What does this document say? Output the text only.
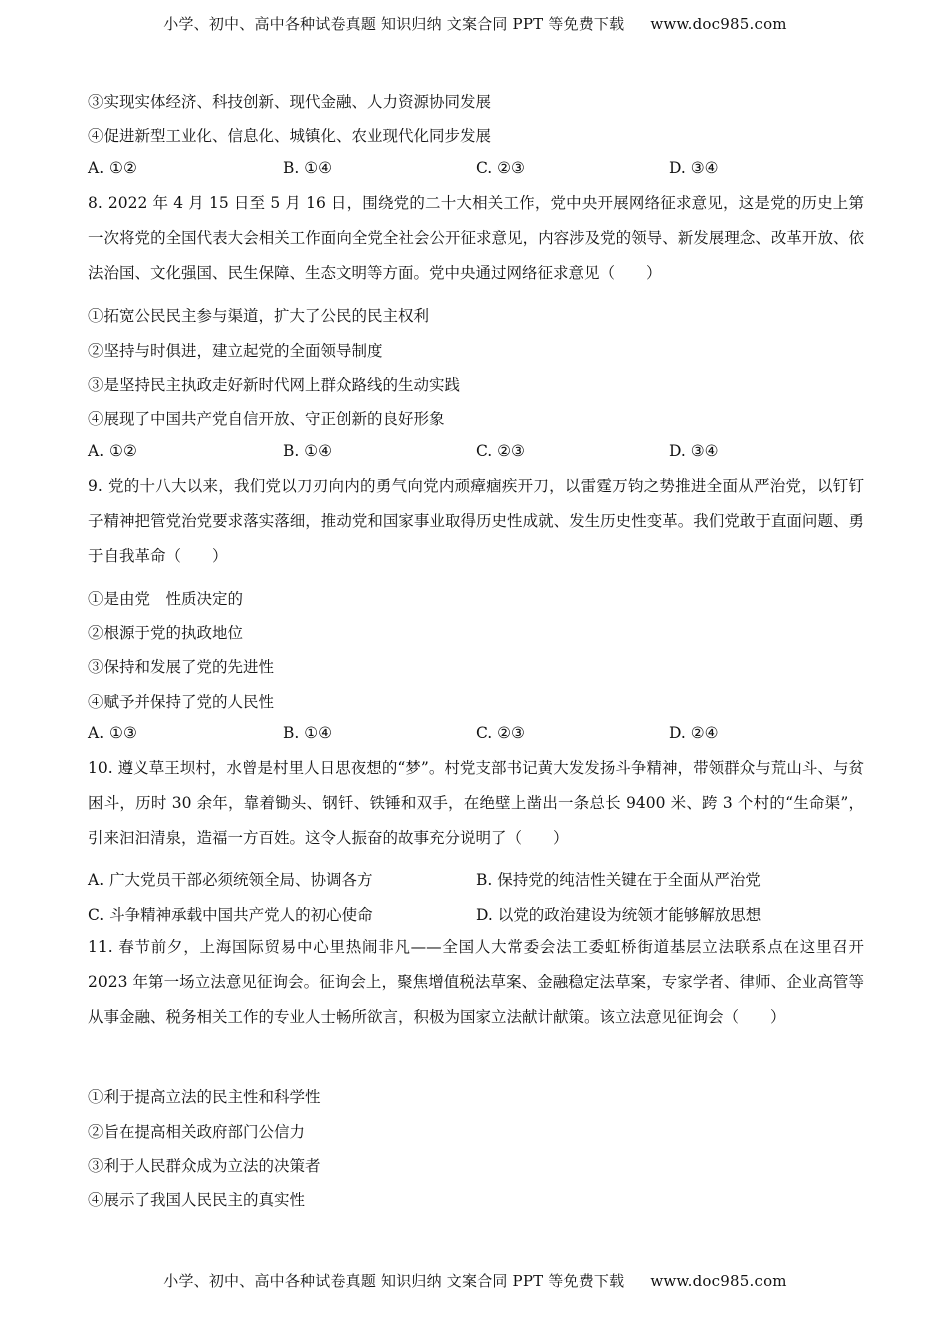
小学、初中、高中各种试卷真题 知识归纳 文案合同 PPT 等免费下载 www.doc985.com
③实现实体经济、科技创新、现代金融、人力资源协同发展
④促进新型工业化、信息化、城镇化、农业现代化同步发展
A. ①②	B. ①④	C. ②③	D. ③④
8. 2022 年 4 月 15 日至 5 月 16 日，围绕党的二十大相关工作，党中央开展网络征求意见，这是党的历史上第一次将党的全国代表大会相关工作面向全党全社会公开征求意见，内容涉及党的领导、新发展理念、改革开放、依法治国、文化强国、民生保障、生态文明等方面。党中央通过网络征求意见（　　）
①拓宽公民民主参与渠道，扩大了公民的民主权利
②坚持与时俱进，建立起党的全面领导制度
③是坚持民主执政走好新时代网上群众路线的生动实践
④展现了中国共产党自信开放、守正创新的良好形象
A. ①②	B. ①④	C. ②③	D. ③④
9. 党的十八大以来，我们党以刀刃向内的勇气向党内顽瘴痼疾开刀，以雷霆万钧之势推进全面从严治党，以钉钉子精神把管党治党要求落实落细，推动党和国家事业取得历史性成就、发生历史性变革。我们党敢于直面问题、勇于自我革命（　　）
①是由党　性质决定的
②根源于党的执政地位
③保持和发展了党的先进性
④赋予并保持了党的人民性
A. ①③	B. ①④	C. ②③	D. ②④
10. 遵义草王坝村，水曾是村里人日思夜想的“梦”。村党支部书记黄大发发扬斗争精神，带领群众与荒山斗、与贫困斗，历时 30 余年，靠着锄头、钢钎、铁锤和双手，在绝壁上凿出一条总长 9400 米、跨 3 个村的“生命渠”，引来汩汩清泉，造福一方百姓。这令人振奋的故事充分说明了（　　）
A. 广大党员干部必须统领全局、协调各方	B. 保持党的纯洁性关键在于全面从严治党
C. 斗争精神承载中国共产党人的初心使命	D. 以党的政治建设为统领才能够解放思想
11. 春节前夕，上海国际贸易中心里热闹非凡——全国人大常委会法工委虹桥街道基层立法联系点在这里召开 2023 年第一场立法意见征询会。征询会上，聚焦增值税法草案、金融稳定法草案，专家学者、律师、企业高管等从事金融、税务相关工作的专业人士畅所欲言，积极为国家立法献计献策。该立法意见征询会（　　）
①利于提高立法的民主性和科学性
②旨在提高相关政府部门公信力
③利于人民群众成为立法的决策者
④展示了我国人民民主的真实性
小学、初中、高中各种试卷真题 知识归纳 文案合同 PPT 等免费下载 www.doc985.com
